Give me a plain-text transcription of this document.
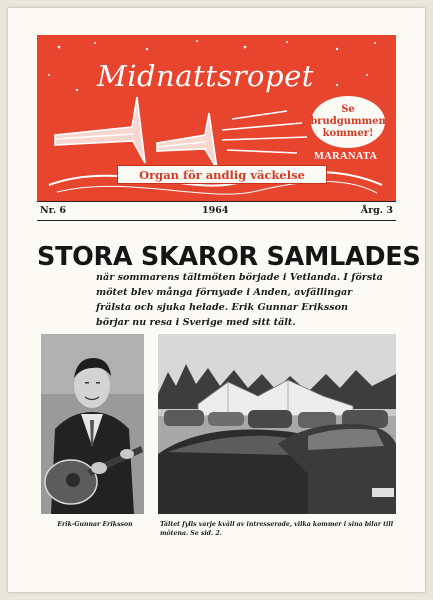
Midnattsropet
Se
brudgummen
kommer!
MARANATA
Organ för andlig väckelse
Nr. 6	1964	Årg. 3
STORA SKAROR SAMLADES
när sommarens tältmöten började i Vetlanda. I första
mötet blev många förnyade i Anden, avfällingar
frälsta och sjuka helade. Erik Gunnar Eriksson
börjar nu resa i Sverige med sitt tält.
Erik-Gunnar Eriksson	Tältet fylls varje kväll av intresserade, vilka kommer i sina bilar till
mötena. Se sid. 2.
